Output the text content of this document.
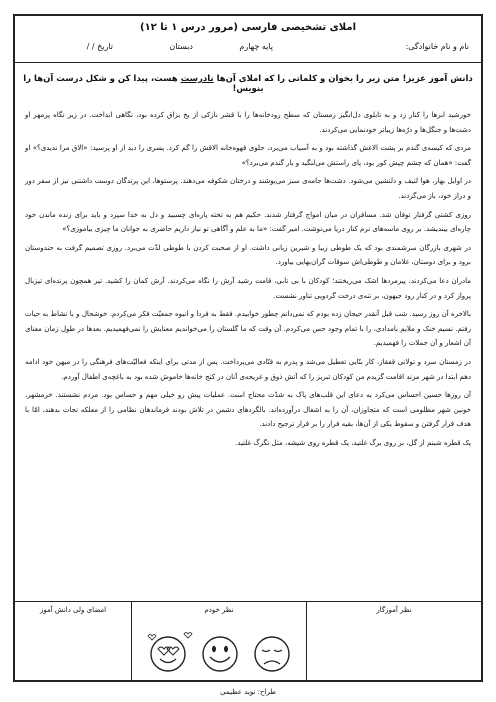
املای تشخیصی فارسی (مرور درس ۱ تا ۱۲)
نام و نام خانوادگی:
پایه چهارم
دبستان
تاریخ / /
دانش آموز عزیز! متن زیر را بخوان و کلماتی را که املای آن‌ها نادرست هست، پیدا کن و شکل درست آن‌ها را بنویس!

خورشید ابرها را کنار زد و به تابلوی دل‌انگیز زمستان که سطح رودخانه‌ها را با قشر نازکی از یخ بزاق کرده بود، نگاهی انداخت. در زیر نگاه پرمهر او دشت‌ها و جنگل‌ها و درّه‌ها زیباتر خودنمایی می‌کردند.

مردی که کیسه‌ی گندم بر پشت الاغش گذاشته بود و به آسیاب می‌برد، جلوی قهوه‌خانه الاقش را گم کرد. پسری را دید از او پرسید: «الاق مرا ندیدی؟» او گفت: «همان که چشم چپش کور بود، پای راستش می‌لنگید و بار گندم می‌برد؟»

در اوایل بهار، هوا لتیف و دلنشین می‌شود. دشت‌ها جامه‌ی سبز می‌پوشند و درختان شکوفه می‌دهند. پرستوها، این پرندگان دوست داشتنی نیز از سفر دور و دراز خود، باز می‌گردند.

روزی کشتی گرفتار توفان شد. مسافران در میان امواج گرفتار شدند. حکیم هم به تخته پاره‌ای چسبید و دل به خدا سپرد و باید برای زنده ماندن خود چاره‌ای بیندیشد. بر روی ماسه‌های نرم کنار دریا می‌نوشت. امیر گفت: «ما به علم و آگاهی تو نیاز داریم حاضری به جوانان ما چیزی بیاموزی؟»

در شهری بازرگان سرشمندی بود که یک طوطی زیبا و شیرین زبانی داشت. او از صحبت کردن با طوطی لذّت می‌برد. روزی تصمیم گرفت به حندوستان برود و برای دوستان، غلامان و طوطی‌اش سوقات گران‌بهایی بیاورد.

مادران دعا می‌کردند، پیرمردها اشک می‌ریختند؛ کودکان با بی تابی، قامت رشید آرش را نگاه می‌کردند. آرش کمان را کشید. تیر همچون پرنده‌ای تیزبال پرواز کرد و در کنار رود جیهون، بر تنه‌ی درخت گردویی تناور نشست.

بالاخره آن روز رسید. شب قبل آنقدر حیجان زده بودم که نمی‌دانم چطور خوابیدم. فقط به فردا و انبوه جمعیّت فکر می‌کردم. خوشحال و با نشاط به حیات رفتم. نسیم خنک و ملایم بامدادی، را با تمام وجود حس می‌کردم. آن وقت که ما گلستان را می‌خواندیم معنایش را نمی‌فهمیدیم. بعدها در طول زمان معنای آن اشعار و آن جملات را فهمیدیم.

در زمستان سرد و تولانی قفقاز، کار بنّایی تعطیل می‌شد و پدرم به قنّادی می‌پرداخت. پس از مدتی برای اینکه فعالیّت‌های فرهنگی را در میهن خود ادامه دهم ابتدا در شهر مرند اقامت گزیدم من کودکان تبریز را که آتش ذوق و غریحه‌ی آنان در کنج خانه‌ها خاموش شده بود به باغچه‌ی اطفال آوردم.

آن روزها حسین احساس می‌کرد به دعای این قلب‌های پاک به شدّت محتاج است. عملیات پیش رو خیلی مهم و حساس بود. مردم نشستند. خرمشهر، خونین شهر مظلومی است که متجاوزان، آن را به اشغال درآورده‌اند. بالگردهای دشمن در تلاش بودند فرماندهان نظامی را از معلکه نجات بدهند، امّا با هدف قرار گرفتن و سقوط یکی از آن‌ها، بقیه فرار را بر قرار ترجیح دادند.

یک قطره شبنم از گل، بر روی برگ غلتید، یک قطره روی شیشه، مثل تگرگ غلتید.

نظر آموزگار
نظر خودم
امضای ولی دانش آموز
طراح: نوید عظیمی
